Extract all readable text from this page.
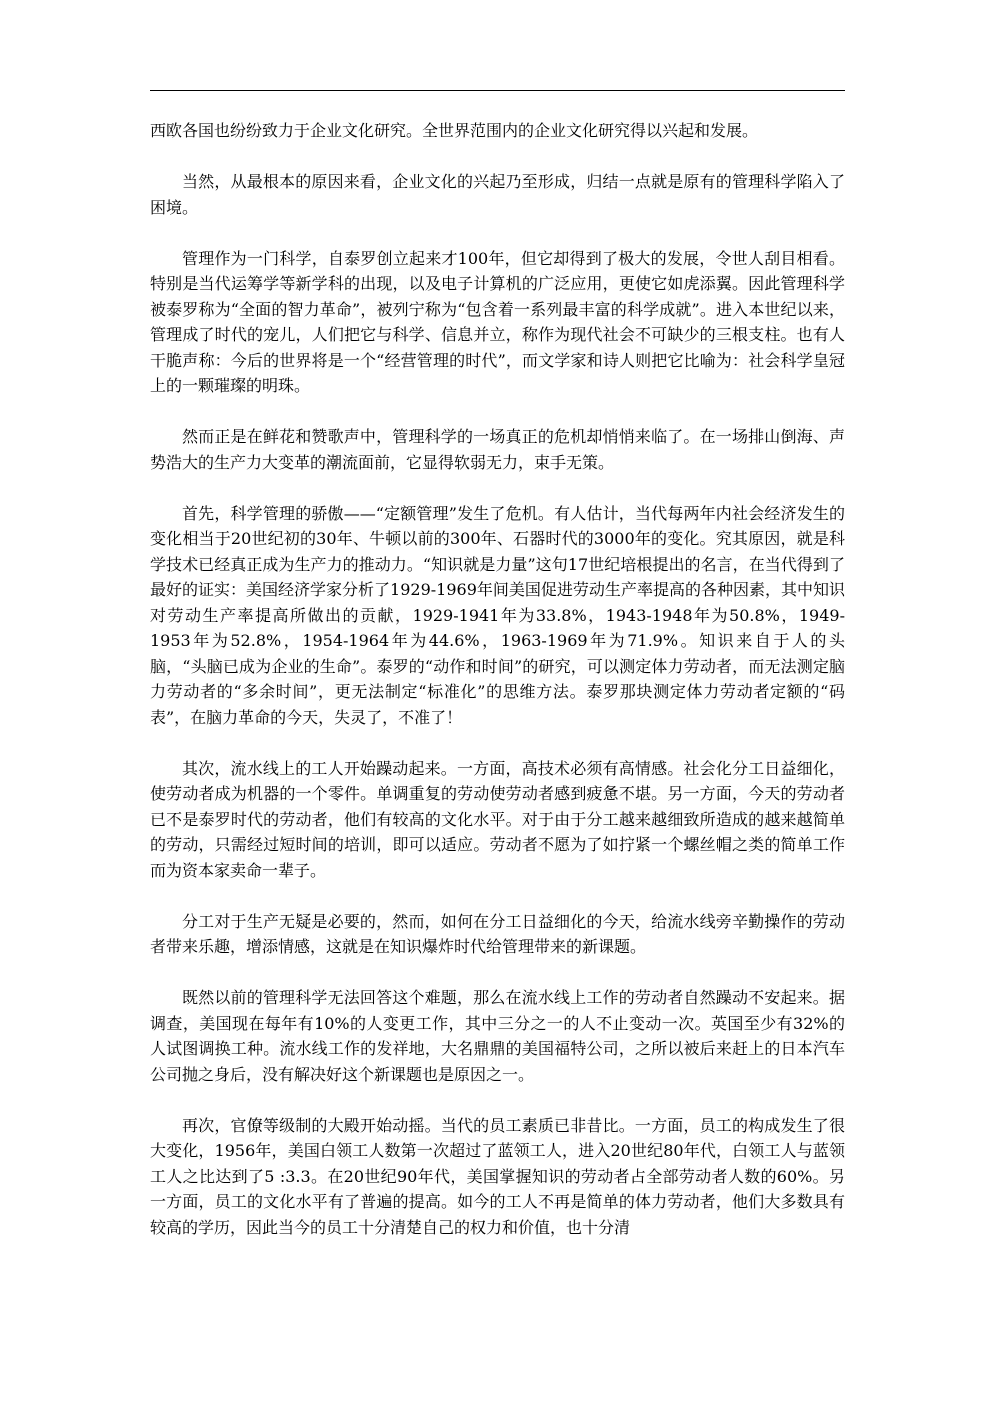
西欧各国也纷纷致力于企业文化研究。全世界范围内的企业文化研究得以兴起和发展。

当然，从最根本的原因来看，企业文化的兴起乃至形成，归结一点就是原有的管理科学陷入了困境。

管理作为一门科学，自泰罗创立起来才100年，但它却得到了极大的发展，令世人刮目相看。特别是当代运筹学等新学科的出现，以及电子计算机的广泛应用，更使它如虎添翼。因此管理科学被泰罗称为“全面的智力革命”，被列宁称为“包含着一系列最丰富的科学成就”。进入本世纪以来，管理成了时代的宠儿，人们把它与科学、信息并立，称作为现代社会不可缺少的三根支柱。也有人干脆声称：今后的世界将是一个“经营管理的时代”，而文学家和诗人则把它比喻为：社会科学皇冠上的一颗璀璨的明珠。

然而正是在鲜花和赞歌声中，管理科学的一场真正的危机却悄悄来临了。在一场排山倒海、声势浩大的生产力大变革的潮流面前，它显得软弱无力，束手无策。

首先，科学管理的骄傲——“定额管理”发生了危机。有人估计，当代每两年内社会经济发生的变化相当于20世纪初的30年、牛顿以前的300年、石器时代的3000年的变化。究其原因，就是科学技术已经真正成为生产力的推动力。“知识就是力量”这句17世纪培根提出的名言，在当代得到了最好的证实：美国经济学家分析了1929-1969年间美国促进劳动生产率提高的各种因素，其中知识对劳动生产率提高所做出的贡献，1929-1941年为33.8%，1943-1948年为50.8%，1949-1953年为52.8%，1954-1964年为44.6%，1963-1969年为71.9%。知识来自于人的头脑，“头脑已成为企业的生命”。泰罗的“动作和时间”的研究，可以测定体力劳动者，而无法测定脑力劳动者的“多余时间”，更无法制定“标准化”的思维方法。泰罗那块测定体力劳动者定额的“码表”，在脑力革命的今天，失灵了，不准了！

其次，流水线上的工人开始躁动起来。一方面，高技术必须有高情感。社会化分工日益细化，使劳动者成为机器的一个零件。单调重复的劳动使劳动者感到疲惫不堪。另一方面，今天的劳动者已不是泰罗时代的劳动者，他们有较高的文化水平。对于由于分工越来越细致所造成的越来越简单的劳动，只需经过短时间的培训，即可以适应。劳动者不愿为了如拧紧一个螺丝帽之类的简单工作而为资本家卖命一辈子。

分工对于生产无疑是必要的，然而，如何在分工日益细化的今天，给流水线旁辛勤操作的劳动者带来乐趣，增添情感，这就是在知识爆炸时代给管理带来的新课题。

既然以前的管理科学无法回答这个难题，那么在流水线上工作的劳动者自然躁动不安起来。据调查，美国现在每年有10%的人变更工作，其中三分之一的人不止变动一次。英国至少有32%的人试图调换工种。流水线工作的发祥地，大名鼎鼎的美国福特公司，之所以被后来赶上的日本汽车公司抛之身后，没有解决好这个新课题也是原因之一。

再次，官僚等级制的大殿开始动摇。当代的员工素质已非昔比。一方面，员工的构成发生了很大变化，1956年，美国白领工人数第一次超过了蓝领工人，进入20世纪80年代，白领工人与蓝领工人之比达到了5 :3.3。在20世纪90年代，美国掌握知识的劳动者占全部劳动者人数的60%。另一方面，员工的文化水平有了普遍的提高。如今的工人不再是简单的体力劳动者，他们大多数具有较高的学历，因此当今的员工十分清楚自己的权力和价值，也十分清
